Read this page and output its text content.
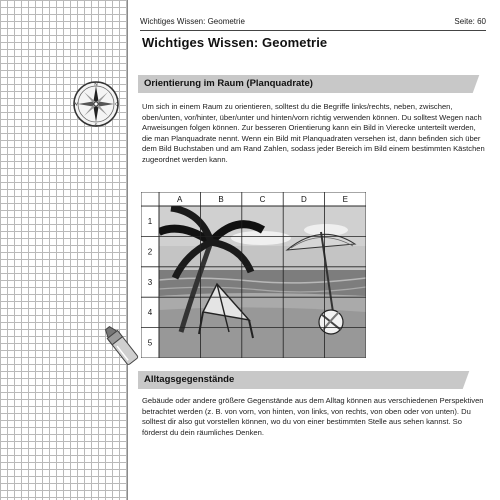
N
S
O
W
Wichtiges Wissen: Geometrie	Seite: 60
Wichtiges Wissen: Geometrie
Orientierung im Raum (Planquadrate)
Um sich in einem Raum zu orientieren, solltest du die Begriffe links/rechts, neben, zwischen, oben/unten, vor/hinter, über/unter und hinten/vorn richtig verwenden können. Du solltest Wegen nach Anweisungen folgen können. Zur besseren Orientierung kann ein Bild in Vierecke unterteilt werden, die man Planquadrate nennt. Wenn ein Bild mit Planquadraten versehen ist, dann befinden sich über dem Bild Buchstaben und am Rand Zahlen, sodass jeder Bereich im Bild einem bestimmten Kästchen zugeordnet werden kann.
A	B	C	D	E
1
2
3
4
5
Alltagsgegenstände
Gebäude oder andere größere Gegenstände aus dem Alltag können aus verschiedenen Perspektiven betrachtet werden (z. B. von vorn, von hinten, von links, von rechts, von oben oder von unten). Du solltest dir also gut vorstellen können, wo du von einer bestimmten Stelle aus sehen kannst. So förderst du dein räumliches Denken.
